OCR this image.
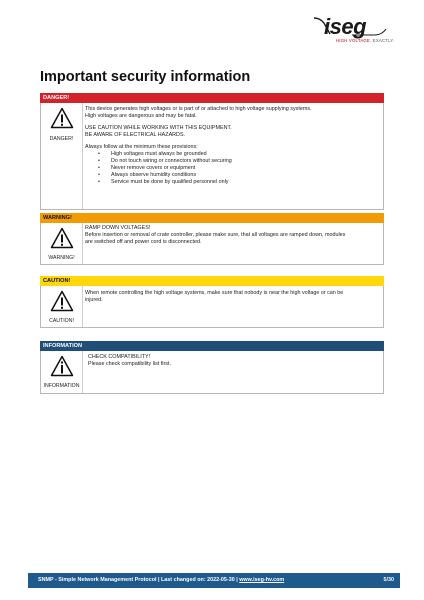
iseg
HIGH VOLTAGE. EXACTLY.
Important security information
DANGER!
DANGER!

This device generates high voltages or is part of or attached to high voltage supplying systems.

High voltages are dangerous and may be fatal.

USE CAUTION WHILE WORKING WITH THIS EQUIPMENT.

BE AWARE OF ELECTRICAL HAZARDS.

Always follow at the minimum these provisions:

• High voltages must always be grounded
• Do not touch wiring or connectors without securing
• Never remove covers or equipment
• Always observe humidity conditions
• Service must be done by qualified personnel only
WARNING!
WARNING!

RAMP DOWN VOLTAGES!

Before insertion or removal of crate controller, please make sure, that all voltages are ramped down, modules

are switched off and power cord is disconnected.

CAUTION!
CAUTION!

When remote controlling the high voltage systems, make sure that nobody is near the high voltage or can be

injured.

INFORMATION
INFORMATION

CHECK COMPATIBILITY!

Please check compatibility list first.

SNMP - Simple Network Management Protocol | Last changed on: 2022-05-30 | www.iseg-hv.com	5/30
